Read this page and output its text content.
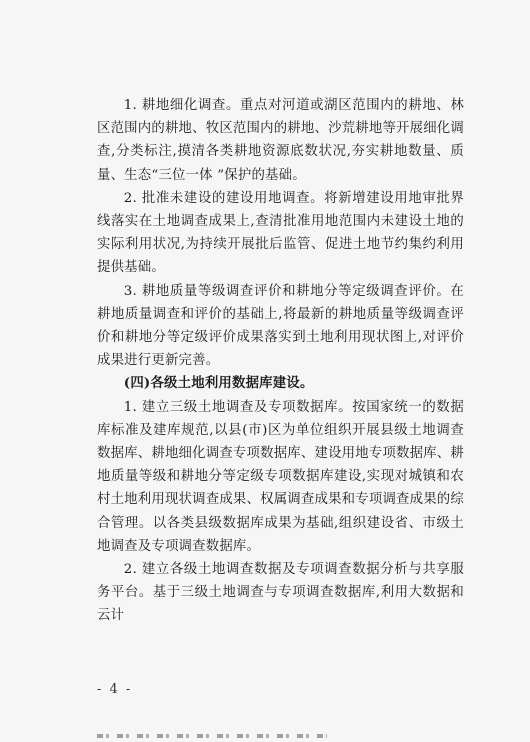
1. 耕地细化调查。重点对河道或湖区范围内的耕地、林区范围内的耕地、牧区范围内的耕地、沙荒耕地等开展细化调查,分类标注,摸清各类耕地资源底数状况,夯实耕地数量、质量、生态“三位一体 ”保护的基础。

2. 批准未建设的建设用地调查。将新增建设用地审批界线落实在土地调查成果上,查清批准用地范围内未建设土地的实际利用状况,为持续开展批后监管、促进土地节约集约利用提供基础。

3. 耕地质量等级调查评价和耕地分等定级调查评价。在耕地质量调查和评价的基础上,将最新的耕地质量等级调查评价和耕地分等定级评价成果落实到土地利用现状图上,对评价成果进行更新完善。

(四)各级土地利用数据库建设。

1. 建立三级土地调查及专项数据库。按国家统一的数据库标准及建库规范,以县(市)区为单位组织开展县级土地调查数据库、耕地细化调查专项数据库、建设用地专项数据库、耕地质量等级和耕地分等定级专项数据库建设,实现对城镇和农村土地利用现状调查成果、权属调查成果和专项调查成果的综合管理。以各类县级数据库成果为基础,组织建设省、市级土地调查及专项调查数据库。

2. 建立各级土地调查数据及专项调查数据分析与共享服务平台。基于三级土地调查与专项调查数据库,利用大数据和云计

- 4 -
